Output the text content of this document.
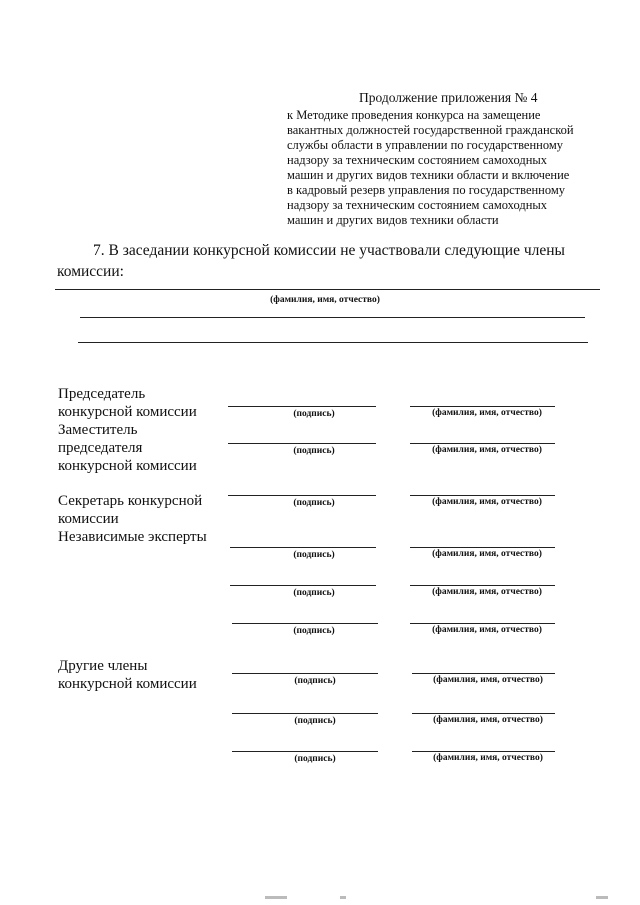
Продолжение приложения № 4
к Методике проведения конкурса на замещение
вакантных должностей государственной гражданской
службы области в управлении по государственному
надзору за техническим состоянием самоходных
машин и других видов техники области и включение
в кадровый резерв управления по государственному
надзору за техническим состоянием самоходных
машин и других видов техники области
7. В заседании конкурсной комиссии не участвовали следующие члены
комиссии:
(фамилия, имя, отчество)
Председатель
конкурсной комиссии	(подпись)	(фамилия, имя, отчество)
Заместитель
председателя
конкурсной комиссии
(подпись)	(фамилия, имя, отчество)
Секретарь конкурсной
комиссии
(подпись)	(фамилия, имя, отчество)
Независимые эксперты
(подпись)	(фамилия, имя, отчество)
(подпись)	(фамилия, имя, отчество)
(подпись)	(фамилия, имя, отчество)
Другие члены
конкурсной комиссии	(подпись)	(фамилия, имя, отчество)
(подпись)	(фамилия, имя, отчество)
(подпись)	(фамилия, имя, отчество)
